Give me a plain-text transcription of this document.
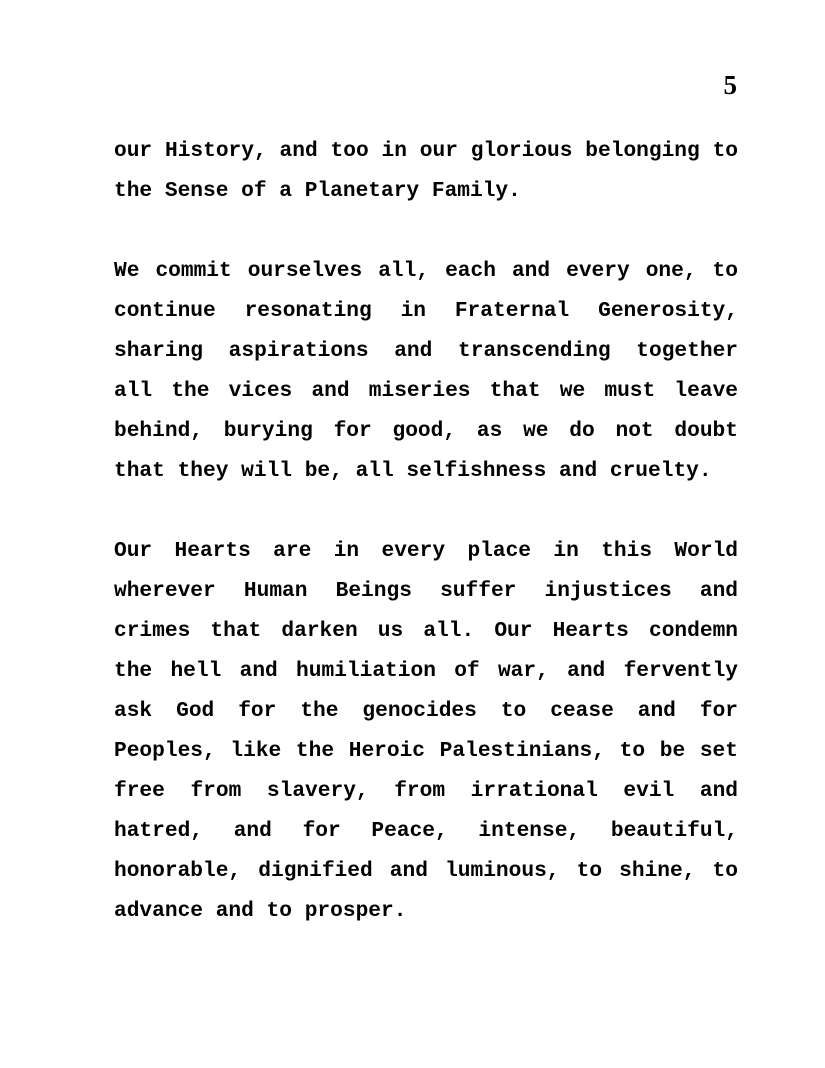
5

our History, and too in our glorious belonging to
the Sense of a Planetary Family.

We commit ourselves all, each and every one, to
continue resonating in Fraternal Generosity,
sharing aspirations and transcending together
all the vices and miseries that we must leave
behind, burying for good, as we do not doubt
that they will be, all selfishness and cruelty.

Our Hearts are in every place in this World
wherever Human Beings suffer injustices and
crimes that darken us all. Our Hearts condemn
the hell and humiliation of war, and fervently
ask God for the genocides to cease and for
Peoples, like the Heroic Palestinians, to be set
free from slavery, from irrational evil and
hatred, and for Peace, intense, beautiful,
honorable, dignified and luminous, to shine, to
advance and to prosper.
